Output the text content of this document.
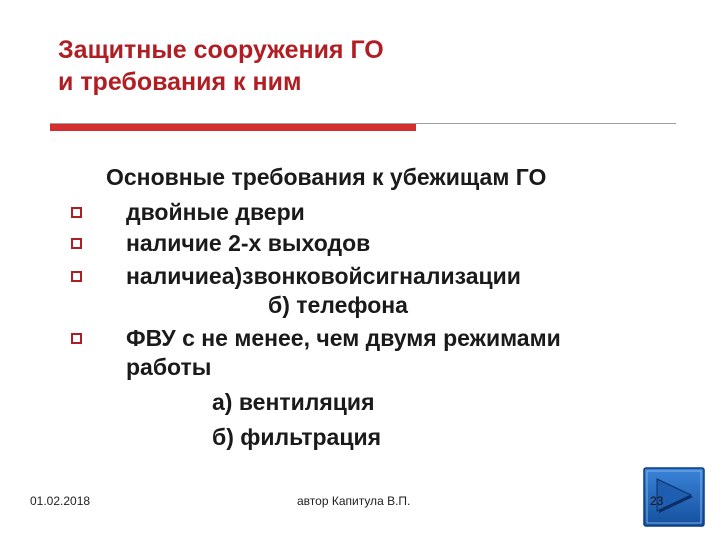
Защитные сооружения ГО
и требования к ним
Основные требования к убежищам ГО
двойные двери
наличие 2-х выходов
наличиеа)звонковойсигнализации
б) телефона
ФВУ с не менее, чем двумя режимами
работы
а) вентиляция
б) фильтрация
01.02.2018	автор Капитула В.П.	23
